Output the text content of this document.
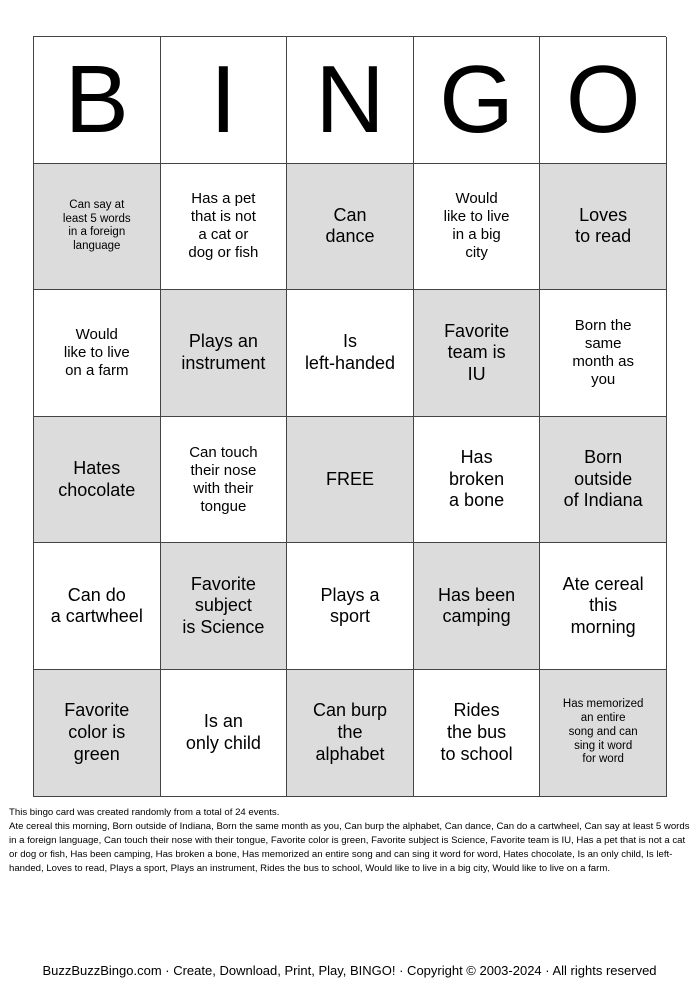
B I N G O
Can say at
least 5 words
in a foreign
language
Has a pet
that is not
a cat or
dog or fish
Can
dance
Would
like to live
in a big
city
Loves
to read
Would
like to live
on a farm
Plays an
instrument
Is
left-handed
Favorite
team is
IU
Born the
same
month as
you
Hates
chocolate
Can touch
their nose
with their
tongue
FREE
Has
broken
a bone
Born
outside
of Indiana
Can do
a cartwheel
Favorite
subject
is Science
Plays a
sport
Has been
camping
Ate cereal
this
morning
Favorite
color is
green
Is an
only child
Can burp
the
alphabet
Rides
the bus
to school
Has memorized
an entire
song and can
sing it word
for word

This bingo card was created randomly from a total of 24 events.

Ate cereal this morning, Born outside of Indiana, Born the same month as you, Can burp the alphabet, Can dance, Can do a cartwheel, Can say at least 5 words in a foreign language, Can touch their nose with their tongue, Favorite color is green, Favorite subject is Science, Favorite team is IU, Has a pet that is not a cat or dog or fish, Has been camping, Has broken a bone, Has memorized an entire song and can sing it word for word, Hates chocolate, Is an only child, Is left-handed, Loves to read, Plays a sport, Plays an instrument, Rides the bus to school, Would like to live in a big city, Would like to live on a farm.

BuzzBuzzBingo.com · Create, Download, Print, Play, BINGO! · Copyright © 2003-2024 · All rights reserved
